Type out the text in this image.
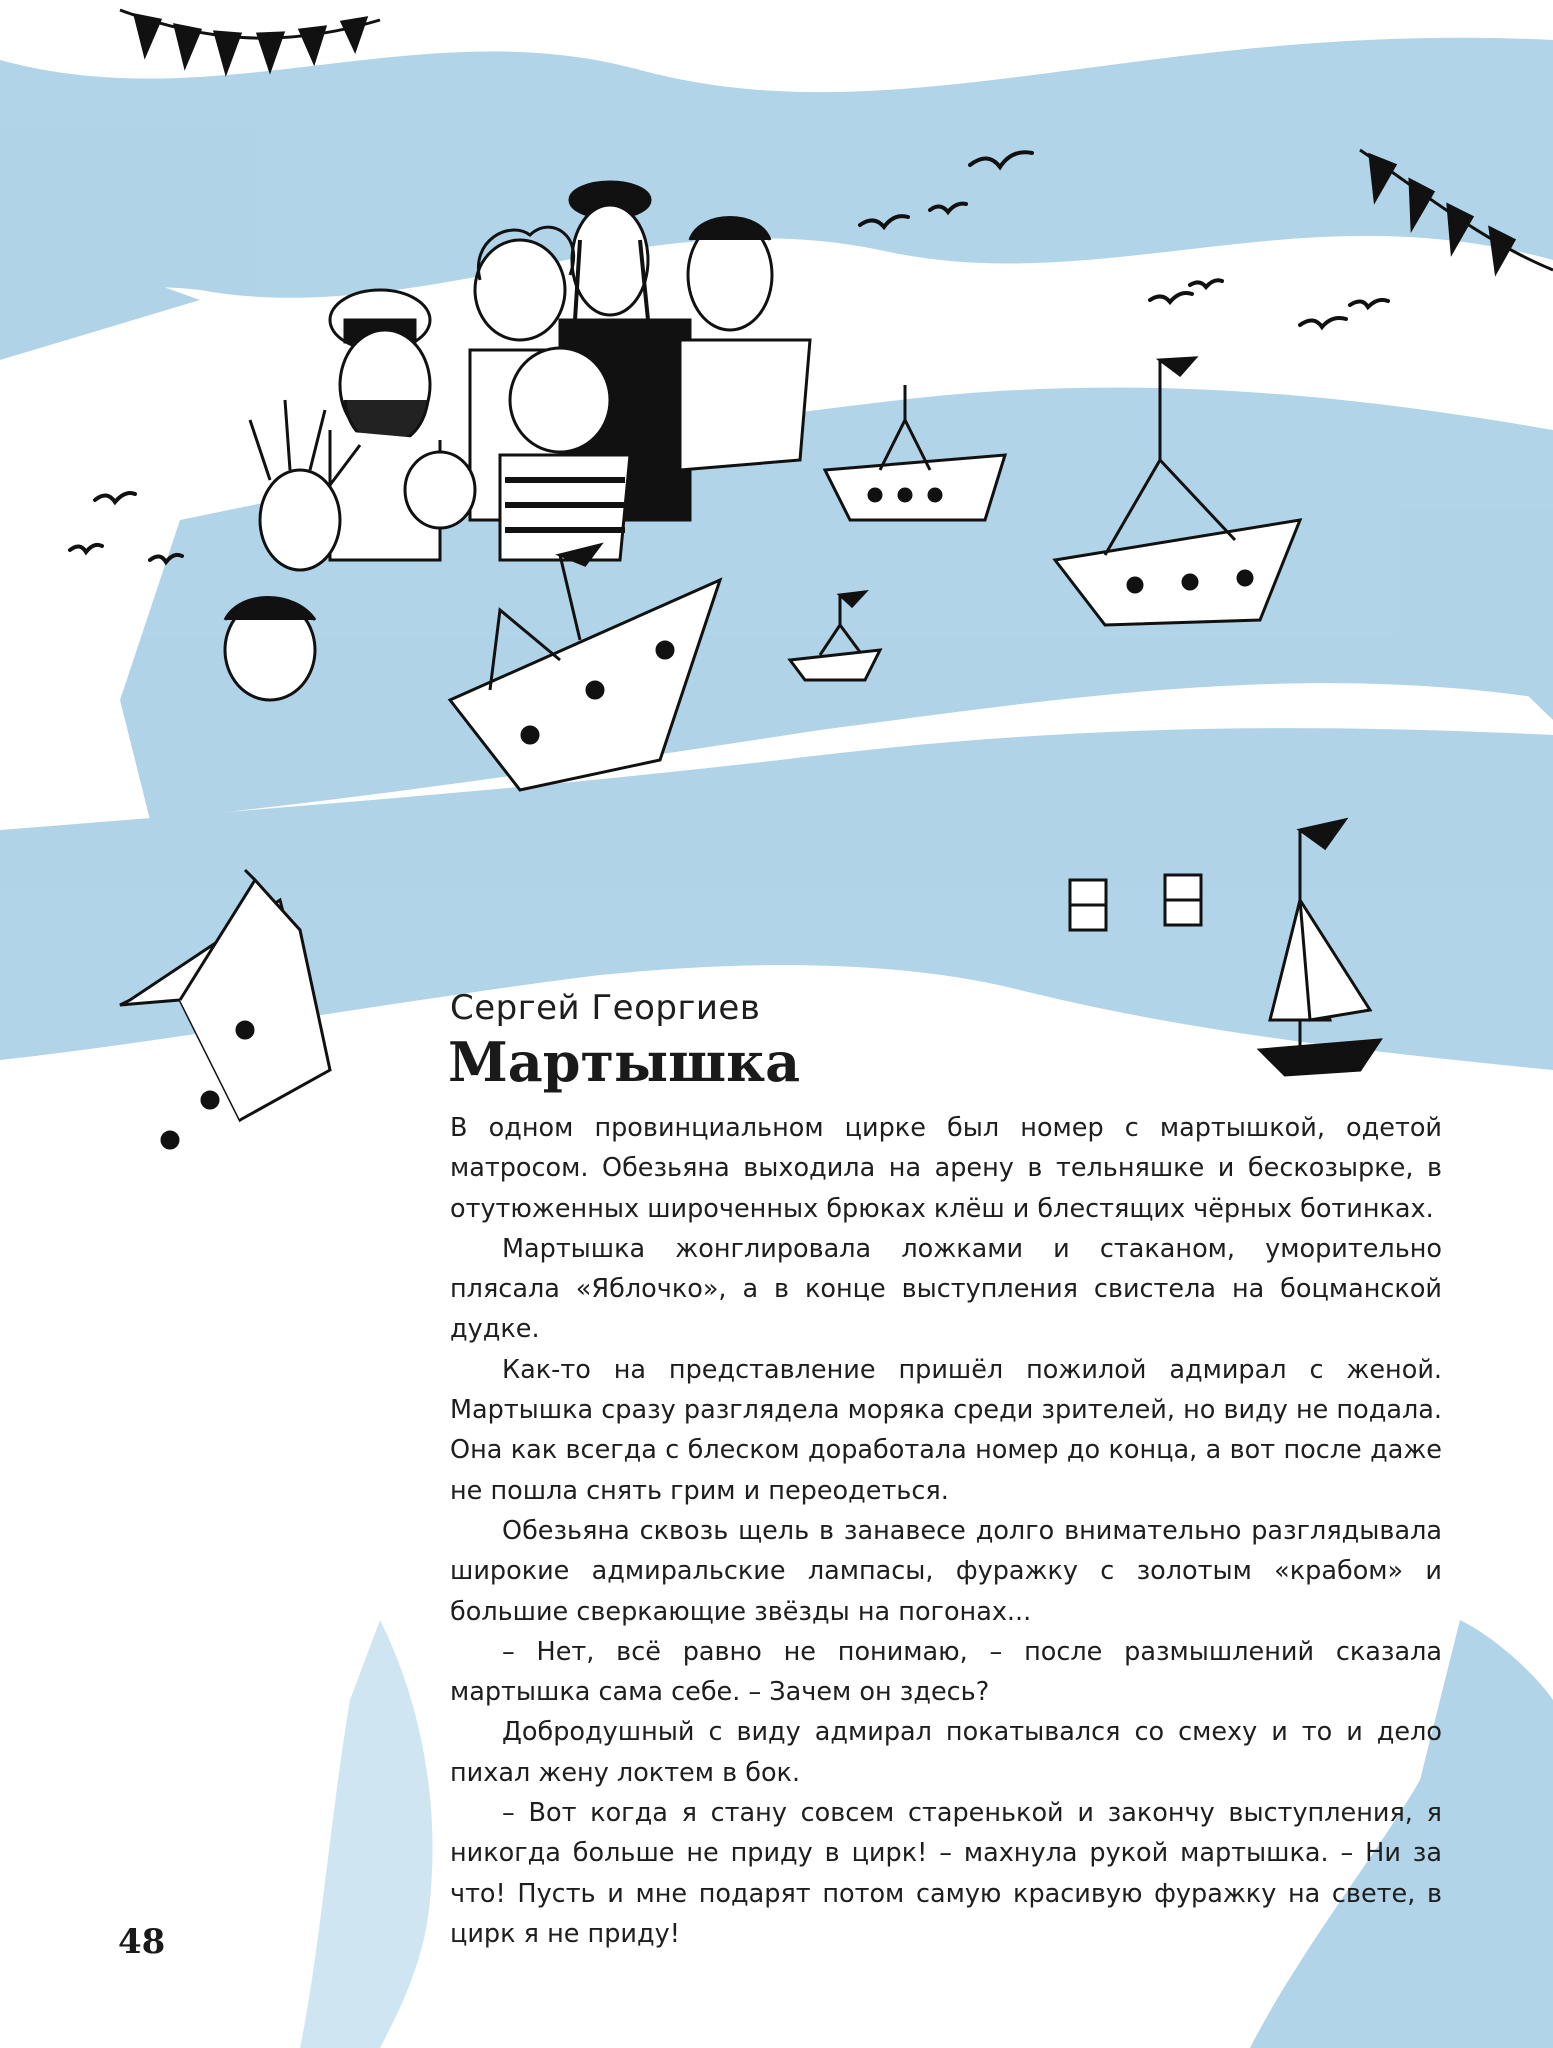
Сергей Георгиев
Мартышка

В одном провинциальном цирке был номер с мартышкой, одетой матросом. Обезьяна выходила на арену в тельняшке и бескозырке, в отутюженных широченных брюках клёш и блестящих чёрных ботинках.

Мартышка жонглировала ложками и стаканом, уморительно плясала «Яблочко», а в конце выступления свистела на боцманской дудке.

Как-то на представление пришёл пожилой адмирал с женой. Мартышка сразу разглядела моряка среди зрителей, но виду не подала. Она как всегда с блеском доработала номер до конца, а вот после даже не пошла снять грим и переодеться.

Обезьяна сквозь щель в занавесе долго внимательно разглядывала широкие адмиральские лампасы, фуражку с золотым «крабом» и большие сверкающие звёзды на погонах...

– Нет, всё равно не понимаю, – после размышлений сказала мартышка сама себе. – Зачем он здесь?

Добродушный с виду адмирал покатывался со смеху и то и дело пихал жену локтем в бок.

– Вот когда я стану совсем старенькой и закончу выступления, я никогда больше не приду в цирк! – махнула рукой мартышка. – Ни за что! Пусть и мне подарят потом самую красивую фуражку на свете, в цирк я не приду!

48
